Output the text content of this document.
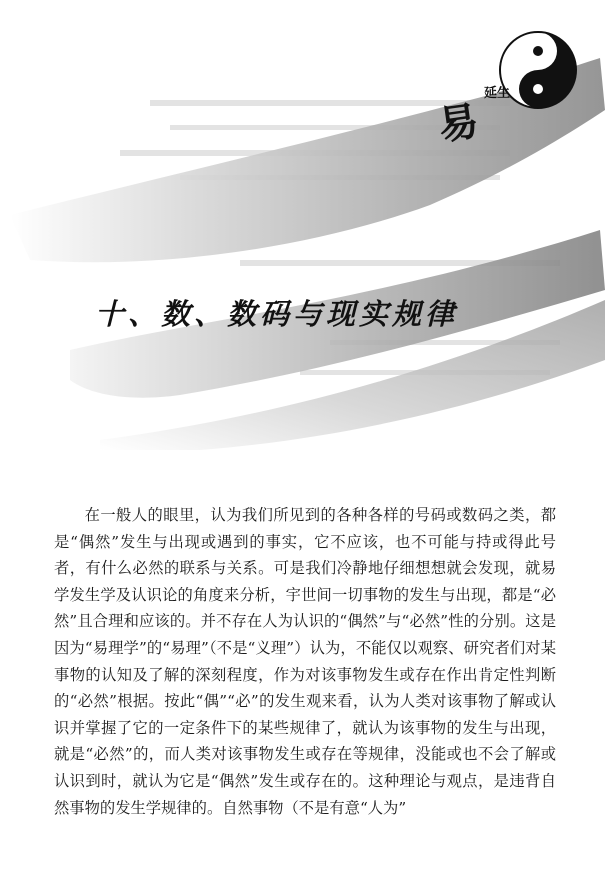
易
延生
十、数、数码与现实规律

在一般人的眼里，认为我们所见到的各种各样的号码或数码之类，都是“偶然”发生与出现或遇到的事实，它不应该，也不可能与持或得此号者，有什么必然的联系与关系。可是我们冷静地仔细想想就会发现，就易学发生学及认识论的角度来分析，宇世间一切事物的发生与出现，都是“必然”且合理和应该的。并不存在人为认识的“偶然”与“必然”性的分别。这是因为“易理学”的“易理”（不是“义理”）认为，不能仅以观察、研究者们对某事物的认知及了解的深刻程度，作为对该事物发生或存在作出肯定性判断的“必然”根据。按此“偶”“必”的发生观来看，认为人类对该事物了解或认识并掌握了它的一定条件下的某些规律了，就认为该事物的发生与出现，就是“必然”的，而人类对该事物发生或存在等规律，没能或也不会了解或认识到时，就认为它是“偶然”发生或存在的。这种理论与观点，是违背自然事物的发生学规律的。自然事物（不是有意“人为”
